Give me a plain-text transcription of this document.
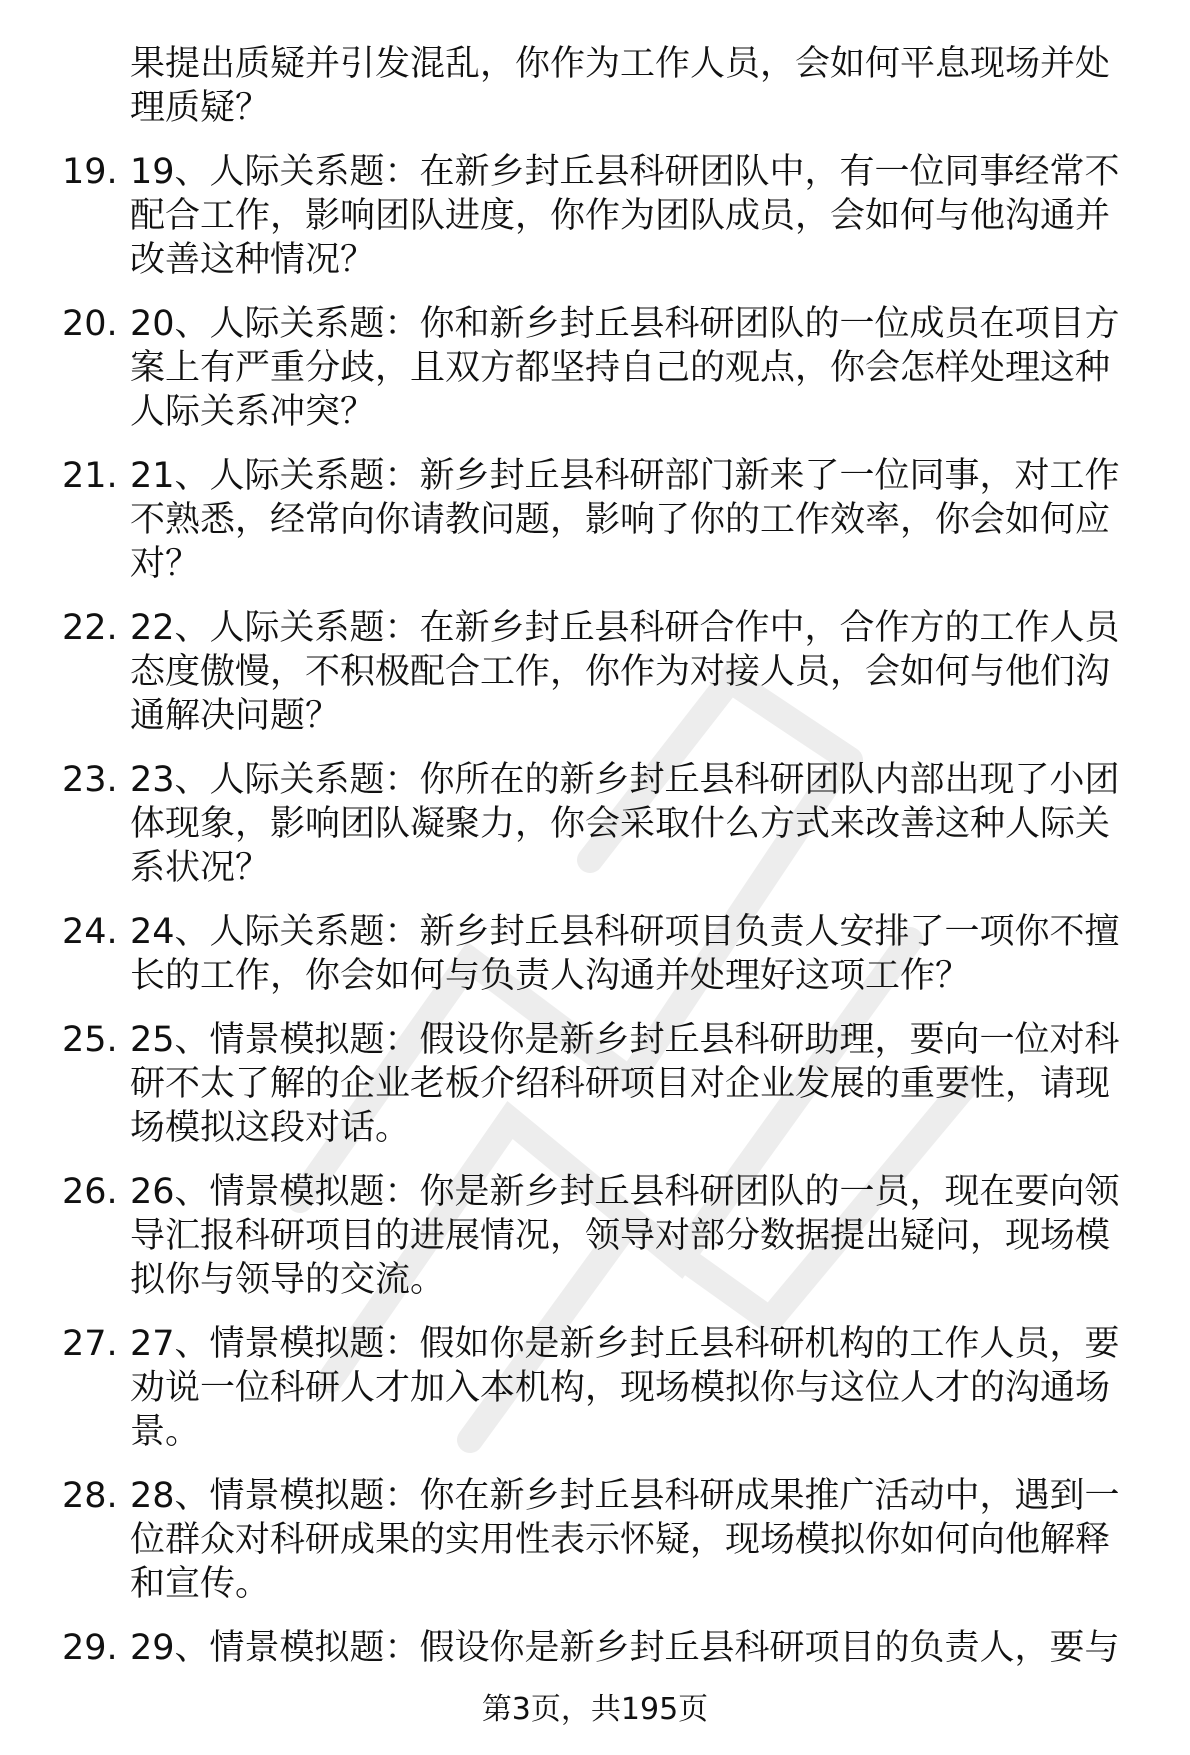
果提出质疑并引发混乱，你作为工作人员，会如何平息现场并处
理质疑？
19. 19、人际关系题：在新乡封丘县科研团队中，有一位同事经常不
配合工作，影响团队进度，你作为团队成员，会如何与他沟通并
改善这种情况？
20. 20、人际关系题：你和新乡封丘县科研团队的一位成员在项目方
案上有严重分歧，且双方都坚持自己的观点，你会怎样处理这种
人际关系冲突？
21. 21、人际关系题：新乡封丘县科研部门新来了一位同事，对工作
不熟悉，经常向你请教问题，影响了你的工作效率，你会如何应
对？
22. 22、人际关系题：在新乡封丘县科研合作中，合作方的工作人员
态度傲慢，不积极配合工作，你作为对接人员，会如何与他们沟
通解决问题？
23. 23、人际关系题：你所在的新乡封丘县科研团队内部出现了小团
体现象，影响团队凝聚力，你会采取什么方式来改善这种人际关
系状况？
24. 24、人际关系题：新乡封丘县科研项目负责人安排了一项你不擅
长的工作，你会如何与负责人沟通并处理好这项工作？
25. 25、情景模拟题：假设你是新乡封丘县科研助理，要向一位对科
研不太了解的企业老板介绍科研项目对企业发展的重要性，请现
场模拟这段对话。
26. 26、情景模拟题：你是新乡封丘县科研团队的一员，现在要向领
导汇报科研项目的进展情况，领导对部分数据提出疑问，现场模
拟你与领导的交流。
27. 27、情景模拟题：假如你是新乡封丘县科研机构的工作人员，要
劝说一位科研人才加入本机构，现场模拟你与这位人才的沟通场
景。
28. 28、情景模拟题：你在新乡封丘县科研成果推广活动中，遇到一
位群众对科研成果的实用性表示怀疑，现场模拟你如何向他解释
和宣传。
29. 29、情景模拟题：假设你是新乡封丘县科研项目的负责人，要与
第3页，共195页
